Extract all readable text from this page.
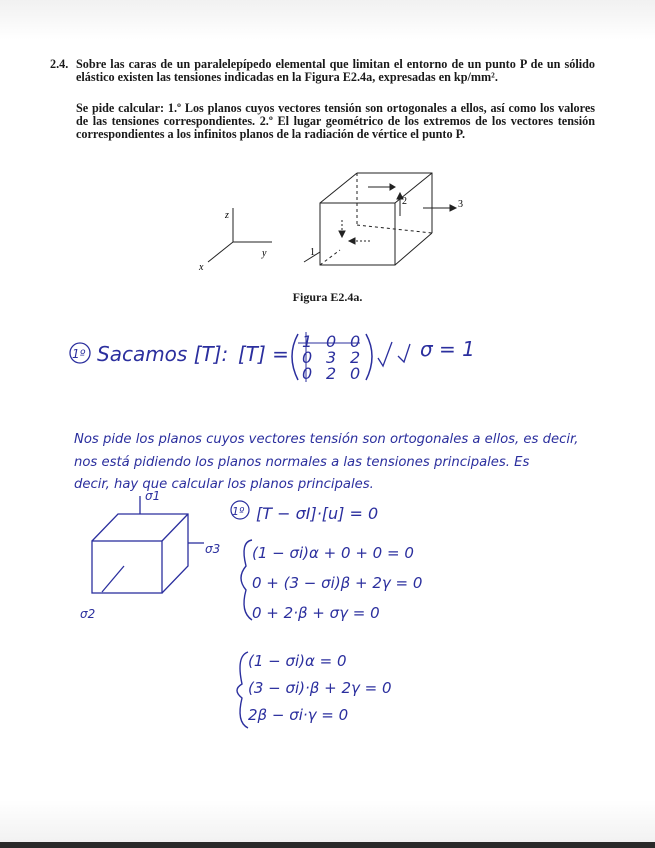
2.4. Sobre las caras de un paralelepípedo elemental que limitan el entorno de un punto P de un sólido elástico existen las tensiones indicadas en la Figura E2.4a, expresadas en kp/mm².
Se pide calcular: 1.º Los planos cuyos vectores tensión son ortogonales a ellos, así como los valores de las tensiones correspondientes. 2.º El lugar geométrico de los extremos de los vectores tensión correspondientes a los infinitos planos de la radiación de vértice el punto P.
z
y
x
2	3
1
Figura E2.4a.
1º Sacamos [T]: [T] =
1 0 0
0 3 2
0 2 0
σ = 1
Nos pide los planos cuyos vectores tensión son ortogonales a ellos, es decir,
nos está pidiendo los planos normales a las tensiones principales. Es
decir, hay que calcular los planos principales.
σ1
σ3
σ2
1º [T − σI]·[u] = 0
(1 − σi)α + 0 + 0 = 0
0 + (3 − σi)β + 2γ = 0
0 + 2·β + σγ = 0
(1 − σi)α = 0
(3 − σi)·β + 2γ = 0
2β − σi·γ = 0
